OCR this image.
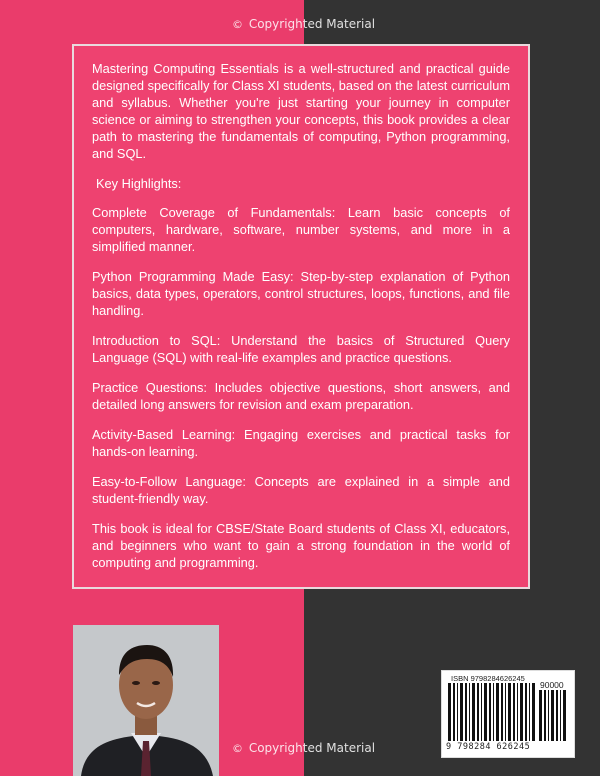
© Copyrighted Material

Mastering Computing Essentials is a well-structured and practical guide designed specifically for Class XI students, based on the latest curriculum and syllabus. Whether you're just starting your journey in computer science or aiming to strengthen your concepts, this book provides a clear path to mastering the fundamentals of computing, Python programming, and SQL.

Key Highlights:

Complete Coverage of Fundamentals: Learn basic concepts of computers, hardware, software, number systems, and more in a simplified manner.

Python Programming Made Easy: Step-by-step explanation of Python basics, data types, operators, control structures, loops, functions, and file handling.

Introduction to SQL: Understand the basics of Structured Query Language (SQL) with real-life examples and practice questions.

Practice Questions: Includes objective questions, short answers, and detailed long answers for revision and exam preparation.

Activity-Based Learning: Engaging exercises and practical tasks for hands-on learning.

Easy-to-Follow Language: Concepts are explained in a simple and student-friendly way.

This book is ideal for CBSE/State Board students of Class XI, educators, and beginners who want to gain a strong foundation in the world of computing and programming.

ISBN 9798284626245
90000
9 798284 626245
© Copyrighted Material
